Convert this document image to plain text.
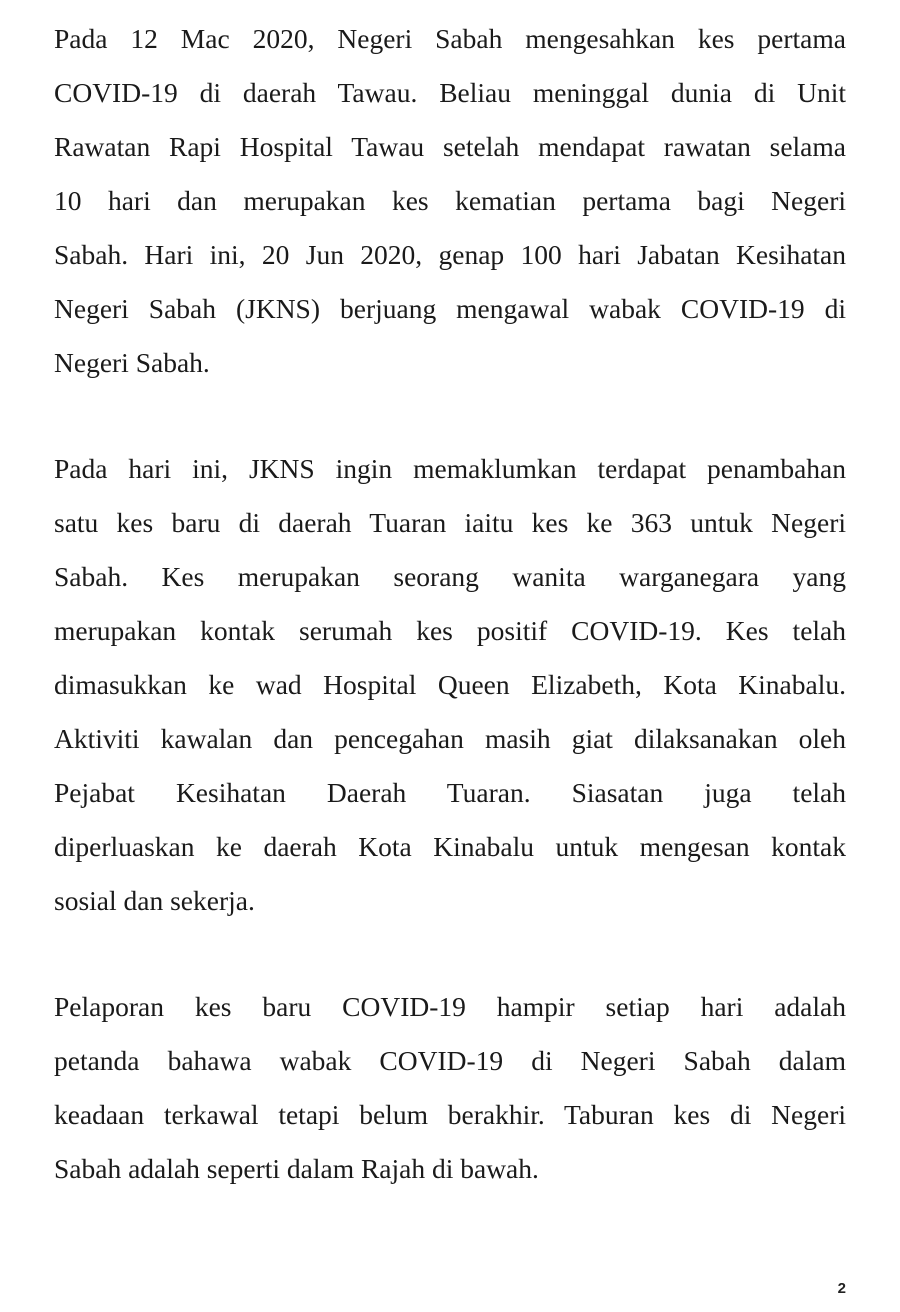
Pada 12 Mac 2020, Negeri Sabah mengesahkan kes pertama
COVID-19 di daerah Tawau. Beliau meninggal dunia di Unit
Rawatan Rapi Hospital Tawau setelah mendapat rawatan selama
10 hari dan merupakan kes kematian pertama bagi Negeri
Sabah. Hari ini, 20 Jun 2020, genap 100 hari Jabatan Kesihatan
Negeri Sabah (JKNS) berjuang mengawal wabak COVID-19 di
Negeri Sabah.

Pada hari ini, JKNS ingin memaklumkan terdapat penambahan
satu kes baru di daerah Tuaran iaitu kes ke 363 untuk Negeri
Sabah. Kes merupakan seorang wanita warganegara yang
merupakan kontak serumah kes positif COVID-19. Kes telah
dimasukkan ke wad Hospital Queen Elizabeth, Kota Kinabalu.
Aktiviti kawalan dan pencegahan masih giat dilaksanakan oleh
Pejabat Kesihatan Daerah Tuaran. Siasatan juga telah
diperluaskan ke daerah Kota Kinabalu untuk mengesan kontak
sosial dan sekerja.

Pelaporan kes baru COVID-19 hampir setiap hari adalah
petanda bahawa wabak COVID-19 di Negeri Sabah dalam
keadaan terkawal tetapi belum berakhir. Taburan kes di Negeri
Sabah adalah seperti dalam Rajah di bawah.

2
